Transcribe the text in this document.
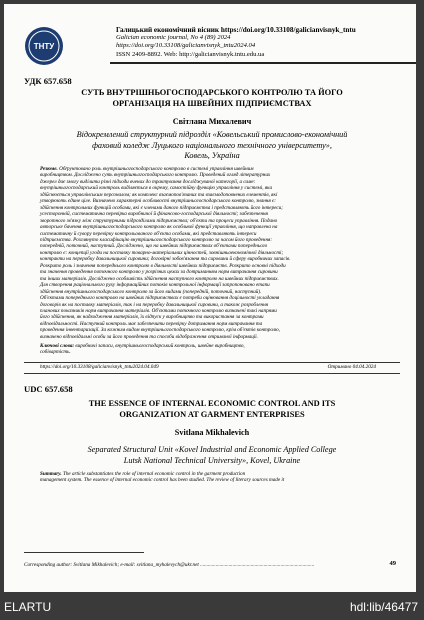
ТНТУ
Галицький економічний вісник https://doi.org/10.33108/galicianvisnyk_tntu
Galician economic journal, No 4 (89) 2024
https://doi.org/10.33108/galicianvisnyk_tntu2024.04
ISSN 2409-8892. Web: http://galicianvisnyk.tntu.edu.ua
УДК 657.658
СУТЬ ВНУТРІШНЬОГОСПОДАРСЬКОГО КОНТРОЛЮ ТА ЙОГО
ОРГАНІЗАЦІЯ НА ШВЕЙНИХ ПІДПРИЄМСТВАХ
Світлана Михалевич
Відокремлений структурний підрозділ «Ковельський промислово-економічний
фаховий коледж Луцького національного технічного університету»,
Ковель, Україна
Резюме. Обґрунтовано роль внутрішньогосподарського контролю в системі управління швейним
виробництвом. Досліджено суть внутрішньогосподарського контролю. Проведений огляд літературних
джерел дає змогу виділити різні підходи вчених до трактування досліджуваної категорії, а саме:
внутрішньогосподарський контроль виділяється в окрему, самостійну функцію управління у системі, яка
здійснюється управлінським персоналом; як комплекс взаємопов'язаних та взаємодоповнених елементів, які
утворюють єдине ціле. Визначено характерні особливості внутрішньогосподарського контролю, знання є:
здійснення контрольних функцій особами, які є членами даного підприємства і представляють його інтереси;
усесторонній, систематична перевірка виробничої й фінансово-господарської діяльності; забезпечення
зворотного зв'язку між структурними підрозділами підприємства; об'єкти та процеси управління. Подано
авторське бачення внутрішньогосподарського контролю як особливої функції управління, що направлена на
систематичну й сувору перевірку контрольованого об'єкта особами, які представляють інтереси
підприємства. Розглянуто класифікацію внутрішньогосподарського контролю за часом його проведення:
попередній, поточний, наступний. Досліджено, що на швейних підприємствах об'єктами попереднього
контролю є: концепції угоди на поставку товарно-матеріальних цінностей, зовнішньоекономічної діяльності;
контракти на переробку давальницької сировини; договірні зобов'язання та сировини й сферу виробничих запасів.
Розкрито роль і значення попереднього контролю в діяльності швейних підприємств. Розкрито основні підходи
та значення проведення поточного контролю у розрізних цехах за дотриманням норм витрачання сировини
та інших матеріалів. Досліджено особливість здійснення наступного контролю на швейних підприємствах.
Для створення раціонального руху інформаційних потоків контрольної інформації запропоновано етапи
здійснення внутрішньогосподарського контролю за його видами (попередній, поточний, наступний).
Об'єктами попереднього контролю на швейних підприємствах є потреби оцінювання доцільності укладання
договорів як на поставку матеріалів, так і на переробку давальницької сировини, а також розроблення
планових показників норм витрачання матеріалів. Об'єктами поточного контролю визначені такі напрями
його здійснення, як надходження матеріалів, їх відпуск у виробництво та використання за контрами
відповідальності. Наступний контроль має забезпечити перевірку дотримання норм витрачання та
проведення інвентаризації. За кожним видом внутрішньогосподарського контролю, крім об'єктів контролю,
визначено відповідальні особи за його проведення та способи відображення отриманої інформації.
Ключові слова: виробничі запаси, внутрішньогосподарський контроль, швейне виробництво,
собівартість.
https://doi.org/10.33108/galicianvisnyk_tntu2024.04.049	Отримано 04.04.2024
UDC 657.658
THE ESSENCE OF INTERNAL ECONOMIC CONTROL AND ITS
ORGANIZATION AT GARMENT ENTERPRISES
Svitlana Mikhalevich
Separated Structural Unit «Kovel Industrial and Economic Applied College
Lutsk National Technical University», Kovel, Ukraine
Summary. The article substantiates the role of internal economic control in the garment production
management system. The essence of internal economic control has been studied. The review of literary sources made it
Corresponding author: Svitlana Mikhalevich; e-mail: svitlana_myhalevych@ukr.net ........................................................................................	49
ELARTU	hdl:lib/46477
